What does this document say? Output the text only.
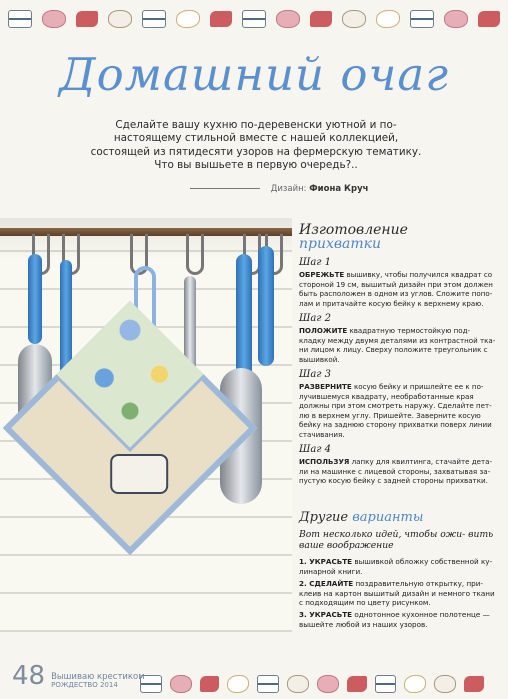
Домашний очаг
Сделайте вашу кухню по-деревенски уютной и по-настоящему стильной вместе с нашей коллекцией, состоящей из пятидесяти узоров на фермерскую тематику. Что вы вышьете в первую очередь?..
Дизайн: Фиона Круч
Изготовление
прихватки
Шаг 1
ОБРЕЖЬТЕ вышивку, чтобы получился квадрат со стороной 19 см, вышитый дизайн при этом должен быть расположен в одном из углов. Сложите попо- лам и притачайте косую бейку к верхнему краю.
Шаг 2
ПОЛОЖИТЕ квадратную термостойкую под- кладку между двумя деталями из контрастной тка- ни лицом к лицу. Сверху положите треугольник с вышивкой.
Шаг 3
РАЗВЕРНИТЕ косую бейку и пришлейте ее к по- лучившемуся квадрату, необработанные края должны при этом смотреть наружу. Сделайте пет- лю в верхнем углу. Пришейте. Заверните косую бейку на заднюю сторону прихватки поверх линии стачивания.
Шаг 4
ИСПОЛЬЗУЯ лапку для квилтинга, стачайте дета- ли на машинке с лицевой стороны, захватывая за- пустую косую бейку с задней стороны прихватки.
Другие варианты
Вот несколько идей, чтобы ожи- вить ваше воображение
1. УКРАСЬТЕ вышивкой обложку собственной ку- линарной книги.
2. СДЕЛАЙТЕ поздравительную открытку, при- клеив на картон вышитый дизайн и немного ткани с подходящим по цвету рисунком.
3. УКРАСЬТЕ однотонное кухонное полотенце — вышейте любой из наших узоров.
48 Вышиваю крестиком
РОЖДЕСТВО 2014
